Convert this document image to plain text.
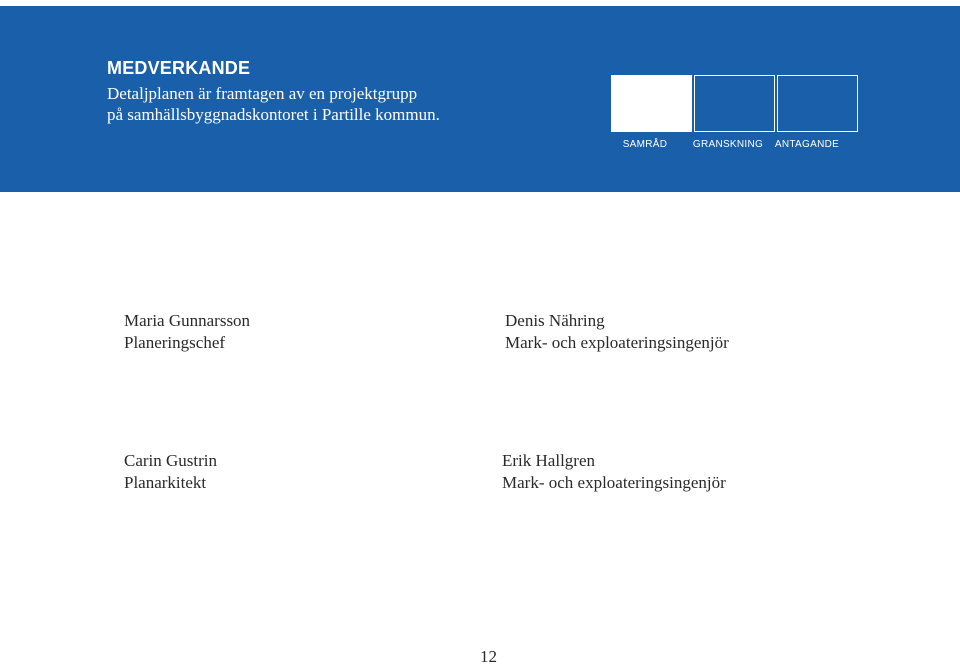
MEDVERKANDE
Detaljplanen är framtagen av en projektgrupp
på samhällsbyggnadskontoret i Partille kommun.
SAMRÅD	GRANSKNING	ANTAGANDE
Maria Gunnarsson
Planeringschef
Denis Nähring
Mark- och exploateringsingenjör
Carin Gustrin
Planarkitekt
Erik Hallgren
Mark- och exploateringsingenjör
12
